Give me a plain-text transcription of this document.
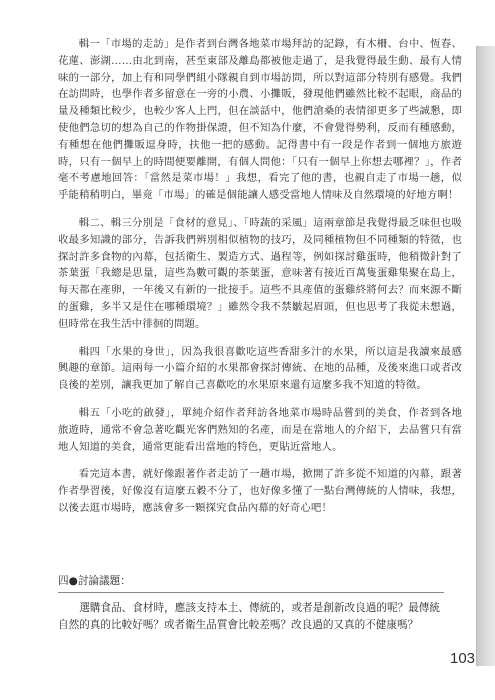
輯一「市場的走訪」是作者到台灣各地菜市場拜訪的記錄，有木柵、台中、恆春、花蓮、澎湖……由北到南，甚至東部及離島都被他走過了，是我覺得最生動、最有人情味的一部分，加上有和同學們組小隊親自到市場訪問，所以對這部分特別有感覺。我們在訪問時，也學作者多留意在一旁的小農、小攤販，發現他們雖然比較不起眼，商品的量及種類比較少，也較少客人上門，但在談話中，他們滄桑的表情卻更多了些誠懇，即使他們急切的想為自己的作物掛保證，但不知為什麼，不會覺得勢利，反而有種感動，有種想在他們攤販逗身時，扶他一把的感動。記得書中有一段是作者到一個地方旅遊時，只有一個早上的時間便要離開，有個人問他：「只有一個早上你想去哪裡？」，作者毫不考慮地回答：「當然是菜市場！」我想，看完了他的書，也親自走了市場一趟，似乎能稍稍明白，畢竟「市場」的確是個能讓人感受當地人情味及自然環境的好地方啊！

輯二、輯三分別是「食材的意見」、「時蔬的采風」這兩章節是我覺得最乏味但也吸收最多知識的部分，告訴我們辨別相似植物的技巧，及同種植物但不同種類的特徵，也探討許多食物的內幕，包括衛生、製造方式、過程等，例如探討雞蛋時，他稍微針對了茶葉蛋「我總是思量，這些為數可觀的茶葉蛋，意味著有接近百萬隻蛋雞集聚在島上，每天都在產卵，一年後又有新的一批接手。這些不具產值的蛋雞終將何去？而來源不斷的蛋雞，多半又是住在哪種環境？」雖然令我不禁皺起眉頭，但也思考了我從未想過，但時常在我生活中徘徊的問題。

輯四「水果的身世」，因為我很喜歡吃這些香甜多汁的水果，所以這是我讀來最感興趣的章節。這兩每一小篇介紹的水果都會探討傳統、在地的品種，及後來進口或者改良後的差別，讓我更加了解自己喜歡吃的水果原來還有這麼多我不知道的特徵。

輯五「小吃的啟發」，單純介紹作者拜訪各地菜市場時品嘗到的美食，作者到各地旅遊時，通常不會急著吃觀光客們熟知的名產，而是在當地人的介紹下，去品嘗只有當地人知道的美食，通常更能看出當地的特色，更貼近當地人。

看完這本書，就好像跟著作者走訪了一趟市場，掀開了許多從不知道的內幕，跟著作者學習後，好像沒有這麼五穀不分了，也好像多懂了一點台灣傳統的人情味，我想，以後去逛市場時，應該會多一顆探究食品內幕的好奇心吧！

四●討論議題：

選購食品、食材時，應該支持本土、傳統的，或者是創新改良過的呢？最傳統自然的真的比較好嗎？或者衛生品質會比較差嗎？改良過的又真的不健康嗎？

103
